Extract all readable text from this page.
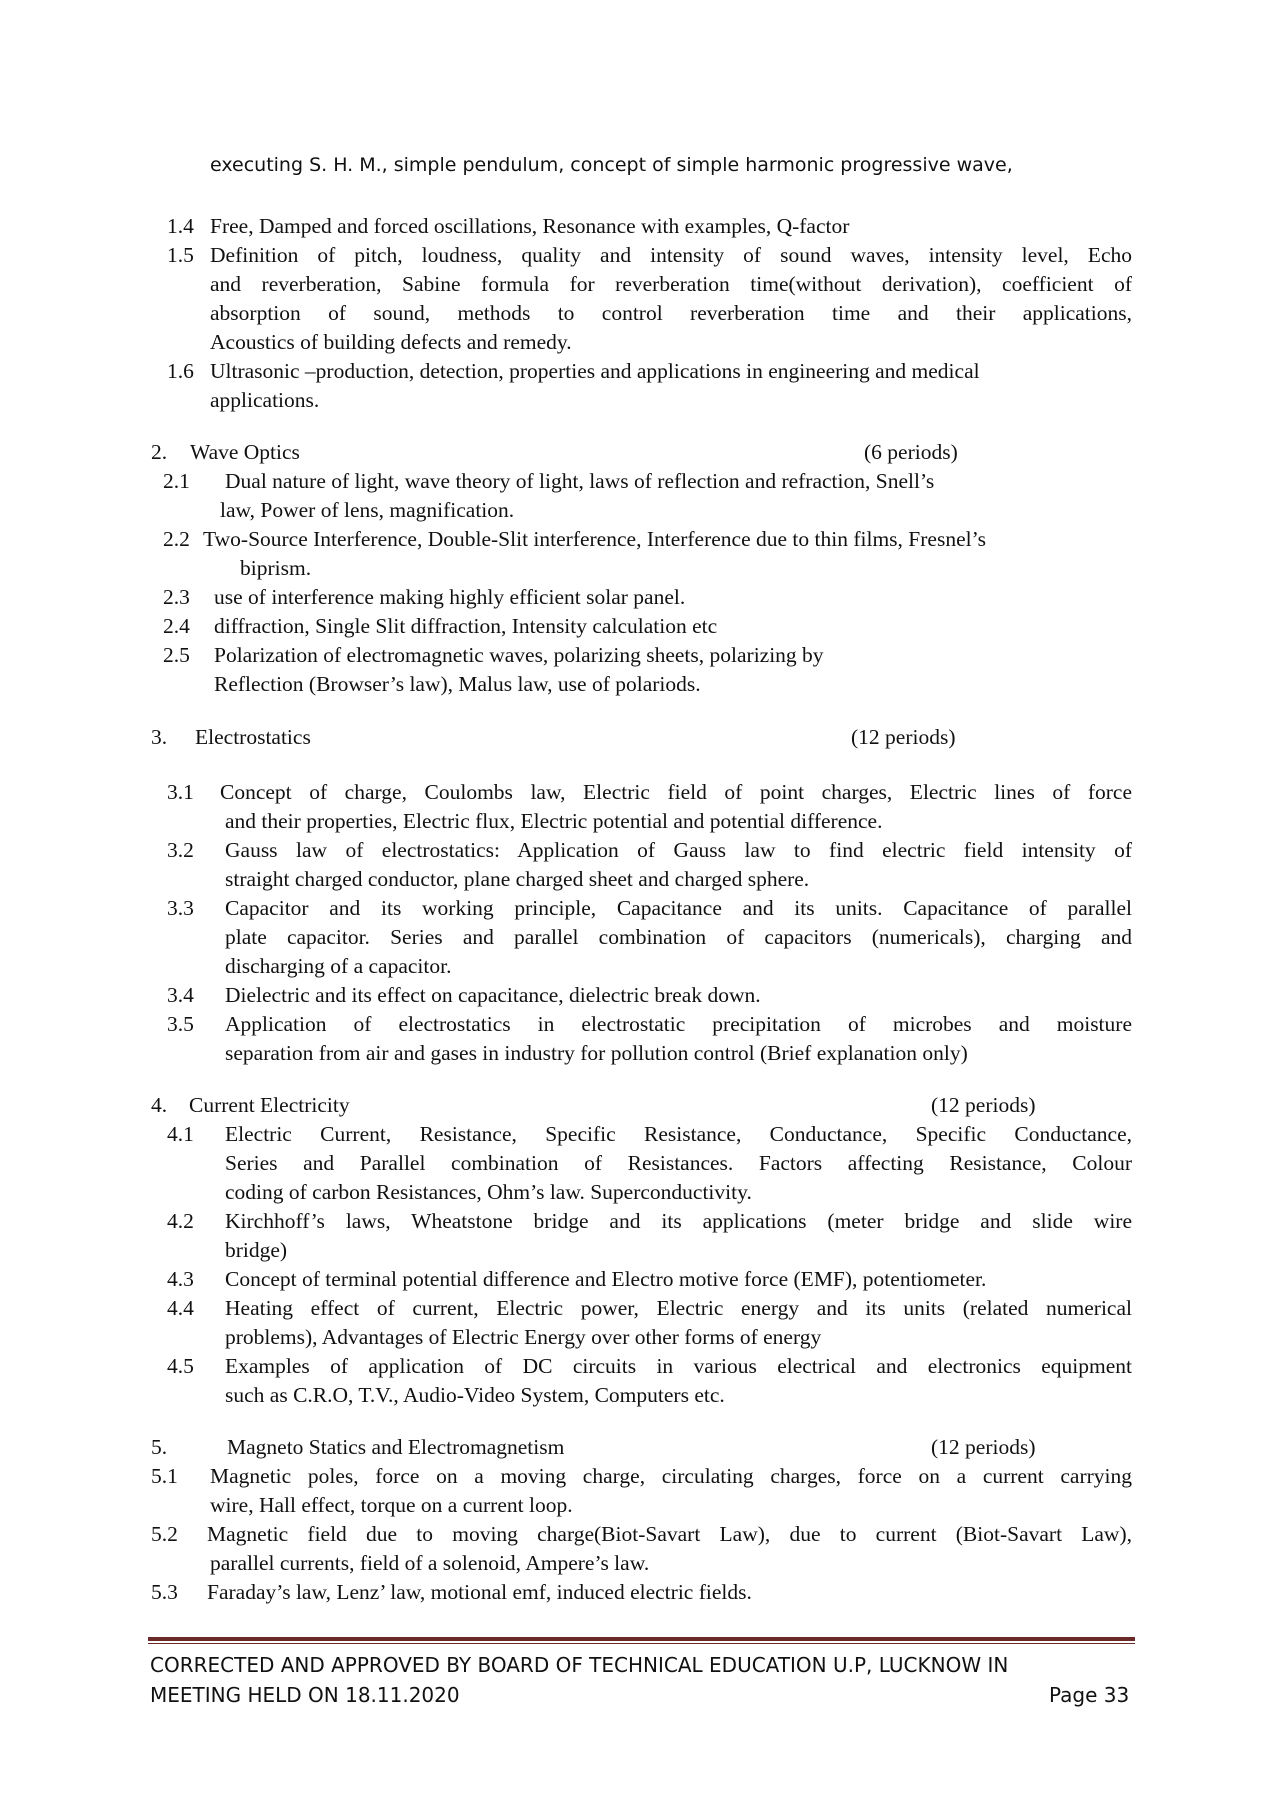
executing S. H. M., simple pendulum, concept of simple harmonic progressive wave,
1.4 Free, Damped and forced oscillations, Resonance with examples, Q-factor
1.5 Definition of pitch, loudness, quality and intensity of sound waves, intensity level, Echo
and reverberation, Sabine formula for reverberation time(without derivation), coefficient of
absorption of sound, methods to control reverberation time and their applications,
Acoustics of building defects and remedy.
1.6 Ultrasonic –production, detection, properties and applications in engineering and medical
applications.
2. Wave Optics	(6 periods)
2.1 Dual nature of light, wave theory of light, laws of reflection and refraction, Snell’s
law, Power of lens, magnification.
2.2 Two-Source Interference, Double-Slit interference, Interference due to thin films, Fresnel’s
biprism.
2.3 use of interference making highly efficient solar panel.
2.4 diffraction, Single Slit diffraction, Intensity calculation etc
2.5 Polarization of electromagnetic waves, polarizing sheets, polarizing by
Reflection (Browser’s law), Malus law, use of polariods.
3. Electrostatics	(12 periods)
3.1 Concept of charge, Coulombs law, Electric field of point charges, Electric lines of force
and their properties, Electric flux, Electric potential and potential difference.
3.2 Gauss law of electrostatics: Application of Gauss law to find electric field intensity of
straight charged conductor, plane charged sheet and charged sphere.
3.3 Capacitor and its working principle, Capacitance and its units. Capacitance of parallel
plate capacitor. Series and parallel combination of capacitors (numericals), charging and
discharging of a capacitor.
3.4 Dielectric and its effect on capacitance, dielectric break down.
3.5 Application of electrostatics in electrostatic precipitation of microbes and moisture
separation from air and gases in industry for pollution control (Brief explanation only)
4. Current Electricity	(12 periods)
4.1 Electric Current, Resistance, Specific Resistance, Conductance, Specific Conductance,
Series and Parallel combination of Resistances. Factors affecting Resistance, Colour
coding of carbon Resistances, Ohm’s law. Superconductivity.
4.2 Kirchhoff’s laws, Wheatstone bridge and its applications (meter bridge and slide wire
bridge)
4.3 Concept of terminal potential difference and Electro motive force (EMF), potentiometer.
4.4 Heating effect of current, Electric power, Electric energy and its units (related numerical
problems), Advantages of Electric Energy over other forms of energy
4.5 Examples of application of DC circuits in various electrical and electronics equipment
such as C.R.O, T.V., Audio-Video System, Computers etc.
5.	Magneto Statics and Electromagnetism	(12 periods)
5.1 Magnetic poles, force on a moving charge, circulating charges, force on a current carrying
wire, Hall effect, torque on a current loop.
5.2 Magnetic field due to moving charge(Biot-Savart Law), due to current (Biot-Savart Law),
parallel currents, field of a solenoid, Ampere’s law.
5.3 Faraday’s law, Lenz’ law, motional emf, induced electric fields.
CORRECTED AND APPROVED BY BOARD OF TECHNICAL EDUCATION U.P, LUCKNOW IN
MEETING HELD ON 18.11.2020	Page 33
